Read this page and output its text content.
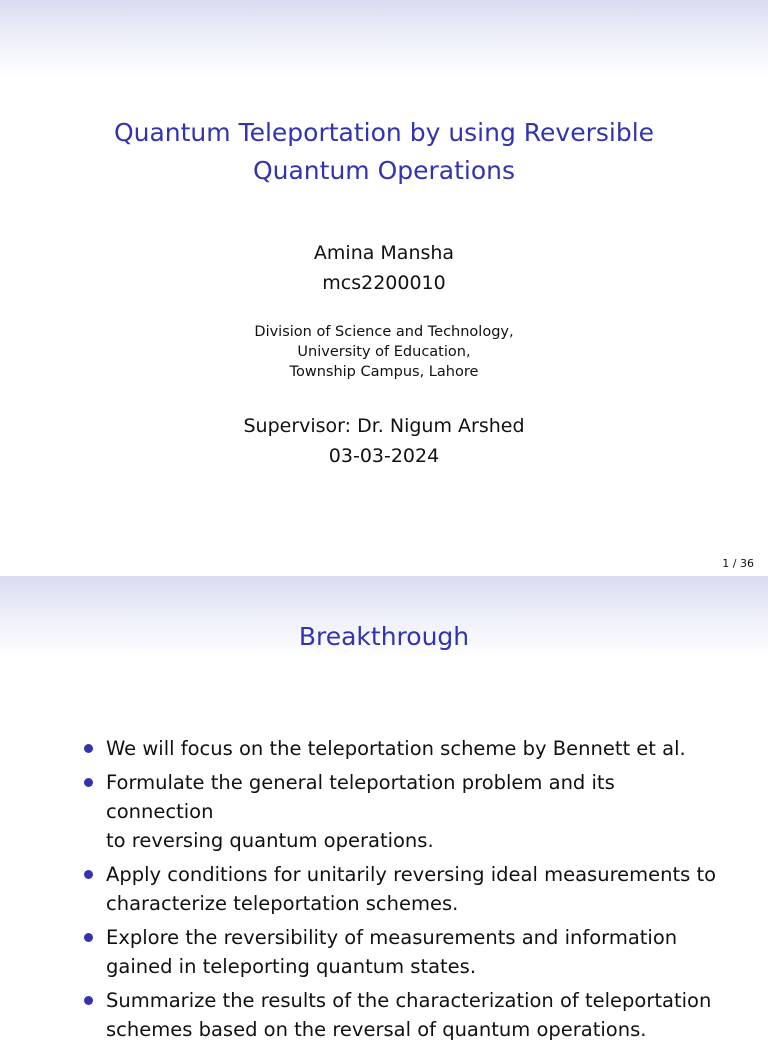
Quantum Teleportation by using Reversible
Quantum Operations
Amina Mansha
mcs2200010
Division of Science and Technology,
University of Education,
Township Campus, Lahore
Supervisor: Dr. Nigum Arshed
03-03-2024
1 / 36
Breakthrough
We will focus on the teleportation scheme by Bennett et al.
Formulate the general teleportation problem and its connection
to reversing quantum operations.
Apply conditions for unitarily reversing ideal measurements to
characterize teleportation schemes.
Explore the reversibility of measurements and information
gained in teleporting quantum states.
Summarize the results of the characterization of teleportation
schemes based on the reversal of quantum operations.
